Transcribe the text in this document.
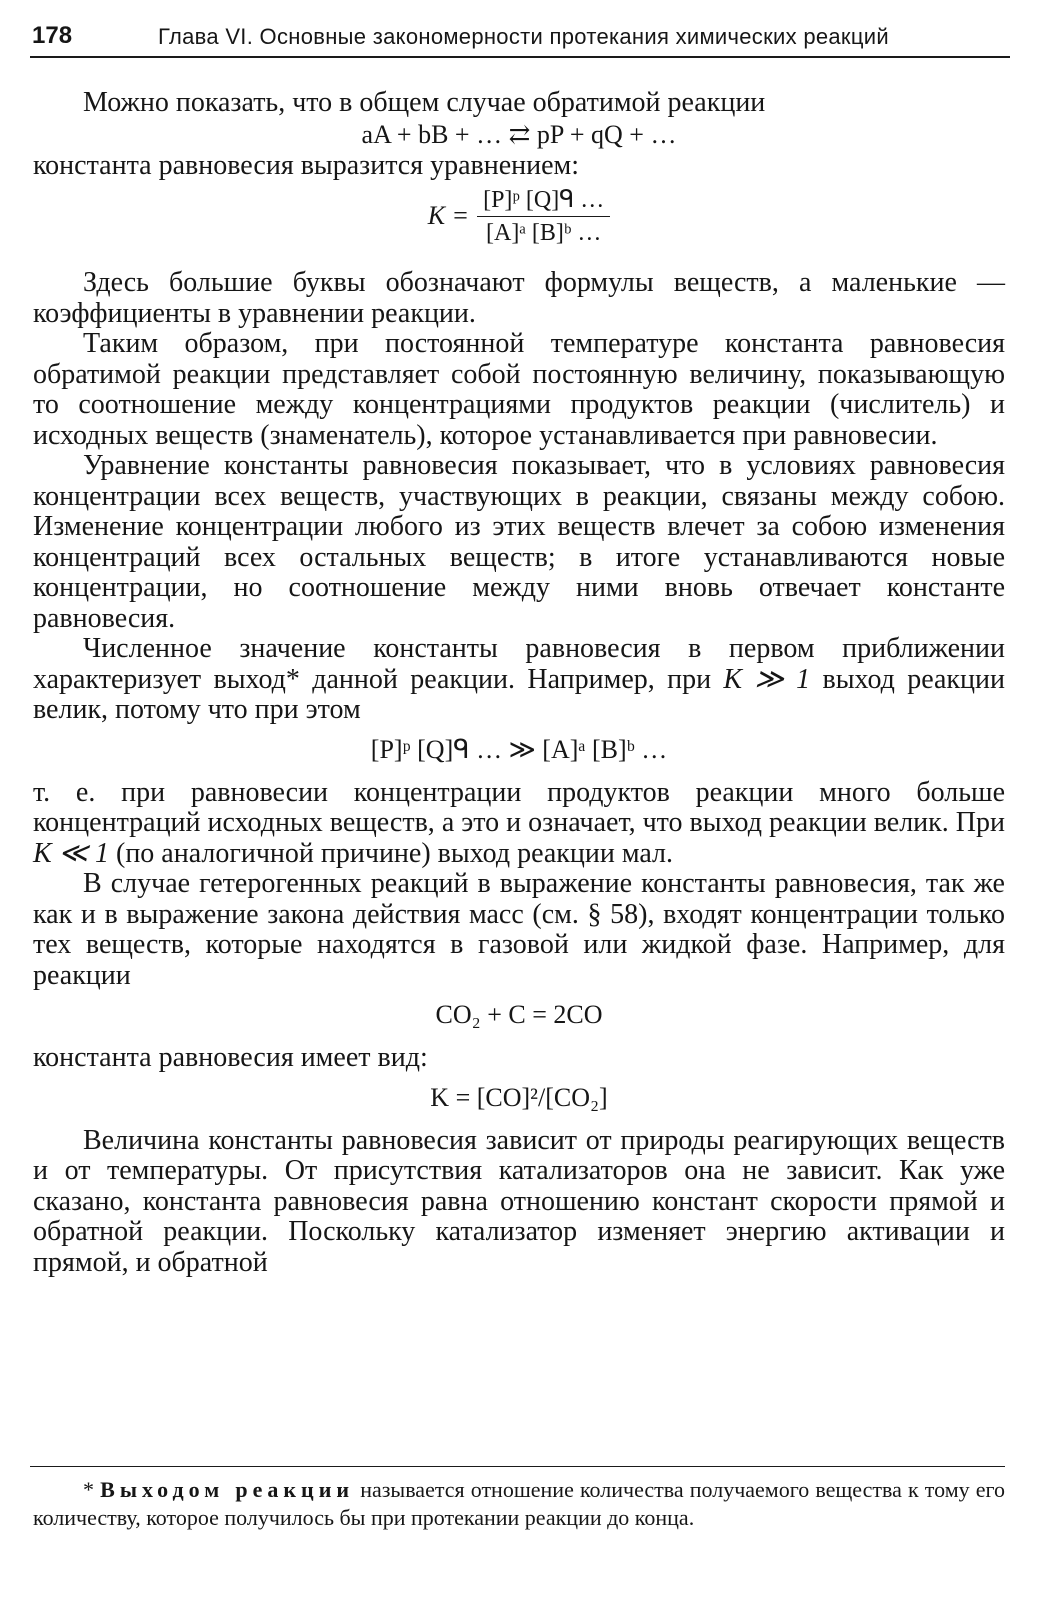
178	Глава VI. Основные закономерности протекания химических реакций

Можно показать, что в общем случае обратимой реакции

aA + bB + … ⇄ pP + qQ + …

константа равновесия выразится уравнением:

$K = \frac{\text{[P]ᵖ [Q]ᑫ …}}{\text{[A]ᵃ [B]ᵇ …}}$

Здесь большие буквы обозначают формулы веществ, а маленькие — коэффициенты в уравнении реакции.

Таким образом, при постоянной температуре константа равновесия обратимой реакции представляет собой постоянную величину, показывающую то соотношение между концентрациями продуктов реакции (числитель) и исходных веществ (знаменатель), которое устанавливается при равновесии.

Уравнение константы равновесия показывает, что в условиях равновесия концентрации всех веществ, участвующих в реакции, связаны между собою. Изменение концентрации любого из этих веществ влечет за собою изменения концентраций всех остальных веществ; в итоге устанавливаются новые концентрации, но соотношение между ними вновь отвечает константе равновесия.

Численное значение константы равновесия в первом приближении характеризует выход* данной реакции. Например, при K ≫ 1 выход реакции велик, потому что при этом

[P]ᵖ [Q]ᑫ … ≫ [A]ᵃ [B]ᵇ …

т. е. при равновесии концентрации продуктов реакции много больше концентраций исходных веществ, а это и означает, что выход реакции велик. При K ≪ 1 (по аналогичной причине) выход реакции мал.

В случае гетерогенных реакций в выражение константы равновесия, так же как и в выражение закона действия масс (см. § 58), входят концентрации только тех веществ, которые находятся в газовой или жидкой фазе. Например, для реакции

CO₂ + C = 2CO

константа равновесия имеет вид:

K = [CO]²/[CO₂]

Величина константы равновесия зависит от природы реагирующих веществ и от температуры. От присутствия катализаторов она не зависит. Как уже сказано, константа равновесия равна отношению констант скорости прямой и обратной реакции. Поскольку катализатор изменяет энергию активации и прямой, и обратной

* Выходом реакции называется отношение количества получаемого вещества к тому его количеству, которое получилось бы при протекании реакции до конца.
